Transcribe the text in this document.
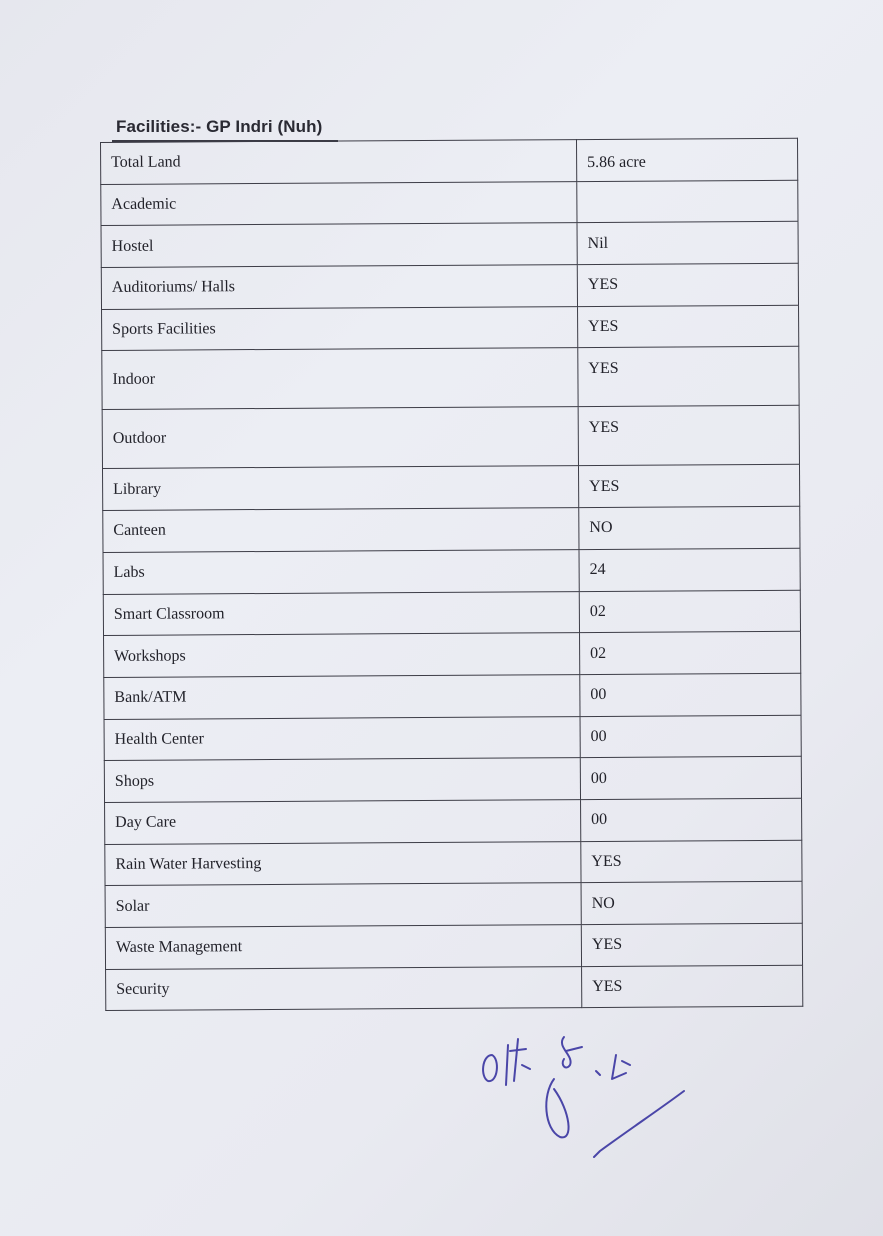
Facilities:- GP Indri (Nuh)
Total Land	5.86 acre
Academic	
Hostel	Nil
Auditoriums/ Halls	YES
Sports Facilities	YES
Indoor	YES
Outdoor	YES
Library	YES
Canteen	NO
Labs	24
Smart Classroom	02
Workshops	02
Bank/ATM	00
Health Center	00
Shops	00
Day Care	00
Rain Water Harvesting	YES
Solar	NO
Waste Management	YES
Security	YES
